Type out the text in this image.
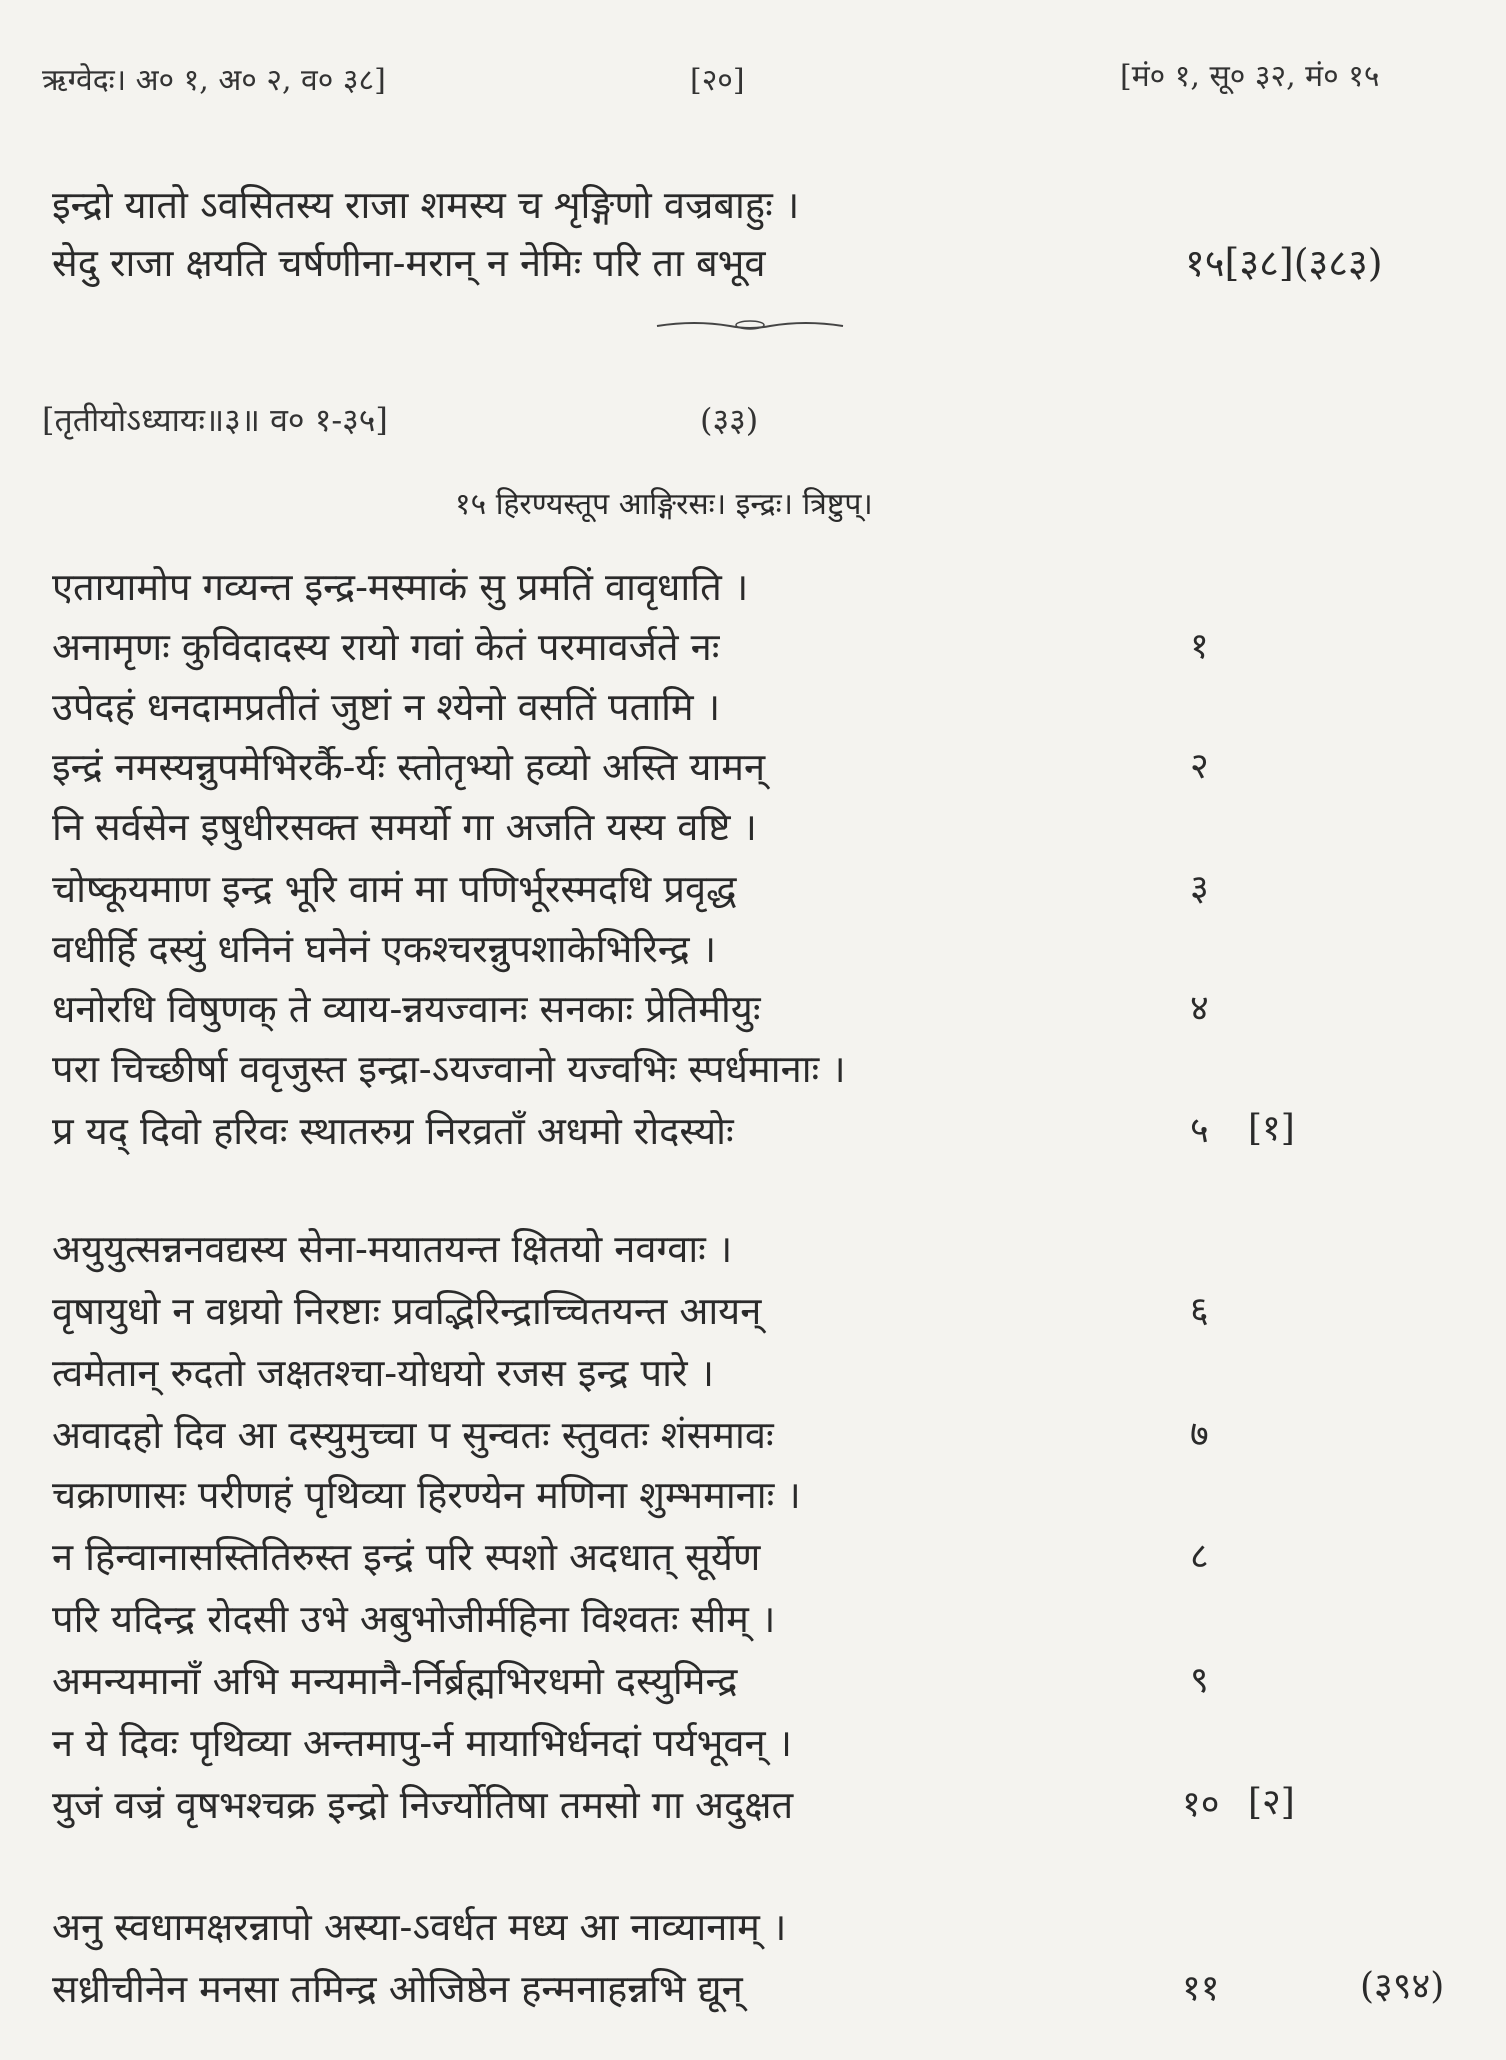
ऋग्वेदः। अ० १, अ० २, व० ३८]	[२०]	[मं० १, सू० ३२, मं० १५
इन्द्रो यातो ऽवसितस्य राजा शमस्य च शृङ्गिणो वज्रबाहुः ।
सेदु राजा क्षयति चर्षणीना-मरान् न नेमिः परि ता बभूव	१५[३८](३८३)
[तृतीयोऽध्यायः॥३॥ व० १-३५]	(३३)
१५ हिरण्यस्तूप आङ्गिरसः। इन्द्रः। त्रिष्टुप्।
एतायामोप गव्यन्त इन्द्र-मस्माकं सु प्रमतिं वावृधाति ।
अनामृणः कुविदादस्य रायो गवां केतं परमावर्जते नः	१
उपेदहं धनदामप्रतीतं जुष्टां न श्येनो वसतिं पतामि ।
इन्द्रं नमस्यन्नुपमेभिरर्कै-र्यः स्तोतृभ्यो हव्यो अस्ति यामन्	२
नि सर्वसेन इषुधीरसक्त समर्यो गा अजति यस्य वष्टि ।
चोष्कूयमाण इन्द्र भूरि वामं मा पणिर्भूरस्मदधि प्रवृद्ध	३
वधीर्हि दस्युं धनिनं घनेनं एकश्चरन्नुपशाकेभिरिन्द्र ।
धनोरधि विषुणक् ते व्याय-न्नयज्वानः सनकाः प्रेतिमीयुः	४
परा चिच्छीर्षा ववृजुस्त इन्द्रा-ऽयज्वानो यज्वभिः स्पर्धमानाः ।
प्र यद् दिवो हरिवः स्थातरुग्र निरव्रताँ अधमो रोदस्योः	५ [१]
अयुयुत्सन्ननवद्यस्य सेना-मयातयन्त क्षितयो नवग्वाः ।
वृषायुधो न वध्रयो निरष्टाः प्रवद्भिरिन्द्राच्चितयन्त आयन्	६
त्वमेतान् रुदतो जक्षतश्चा-योधयो रजस इन्द्र पारे ।
अवादहो दिव आ दस्युमुच्चा प सुन्वतः स्तुवतः शंसमावः	७
चक्राणासः परीणहं पृथिव्या हिरण्येन मणिना शुम्भमानाः ।
न हिन्वानासस्तितिरुस्त इन्द्रं परि स्पशो अदधात् सूर्येण	८
परि यदिन्द्र रोदसी उभे अबुभोजीर्महिना विश्वतः सीम् ।
अमन्यमानाँ अभि मन्यमानै-र्निर्ब्रह्मभिरधमो दस्युमिन्द्र	९
न ये दिवः पृथिव्या अन्तमापु-र्न मायाभिर्धनदां पर्यभूवन् ।
युजं वज्रं वृषभश्चक्र इन्द्रो निर्ज्योतिषा तमसो गा अदुक्षत	१० [२]
अनु स्वधामक्षरन्नापो अस्या-ऽवर्धत मध्य आ नाव्यानाम् ।
सध्रीचीनेन मनसा तमिन्द्र ओजिष्ठेन हन्मनाहन्नभि द्यून्	११	(३९४)
